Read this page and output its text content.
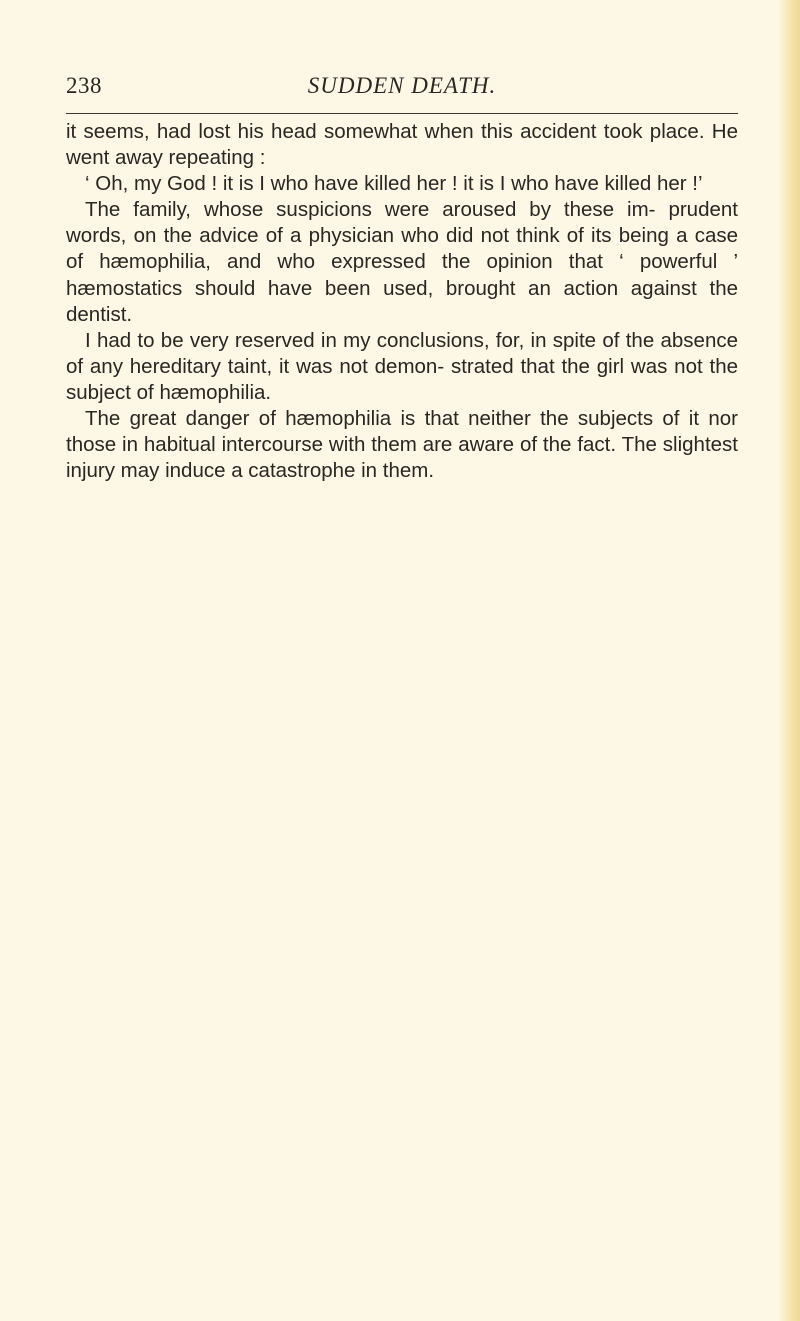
238	SUDDEN DEATH.

it seems, had lost his head somewhat when this accident took place. He went away repeating :

‘ Oh, my God ! it is I who have killed her ! it is I who have killed her !’

The family, whose suspicions were aroused by these im- prudent words, on the advice of a physician who did not think of its being a case of hæmophilia, and who expressed the opinion that ‘ powerful ’ hæmostatics should have been used, brought an action against the dentist.

I had to be very reserved in my conclusions, for, in spite of the absence of any hereditary taint, it was not demon- strated that the girl was not the subject of hæmophilia.

The great danger of hæmophilia is that neither the subjects of it nor those in habitual intercourse with them are aware of the fact. The slightest injury may induce a catastrophe in them.
